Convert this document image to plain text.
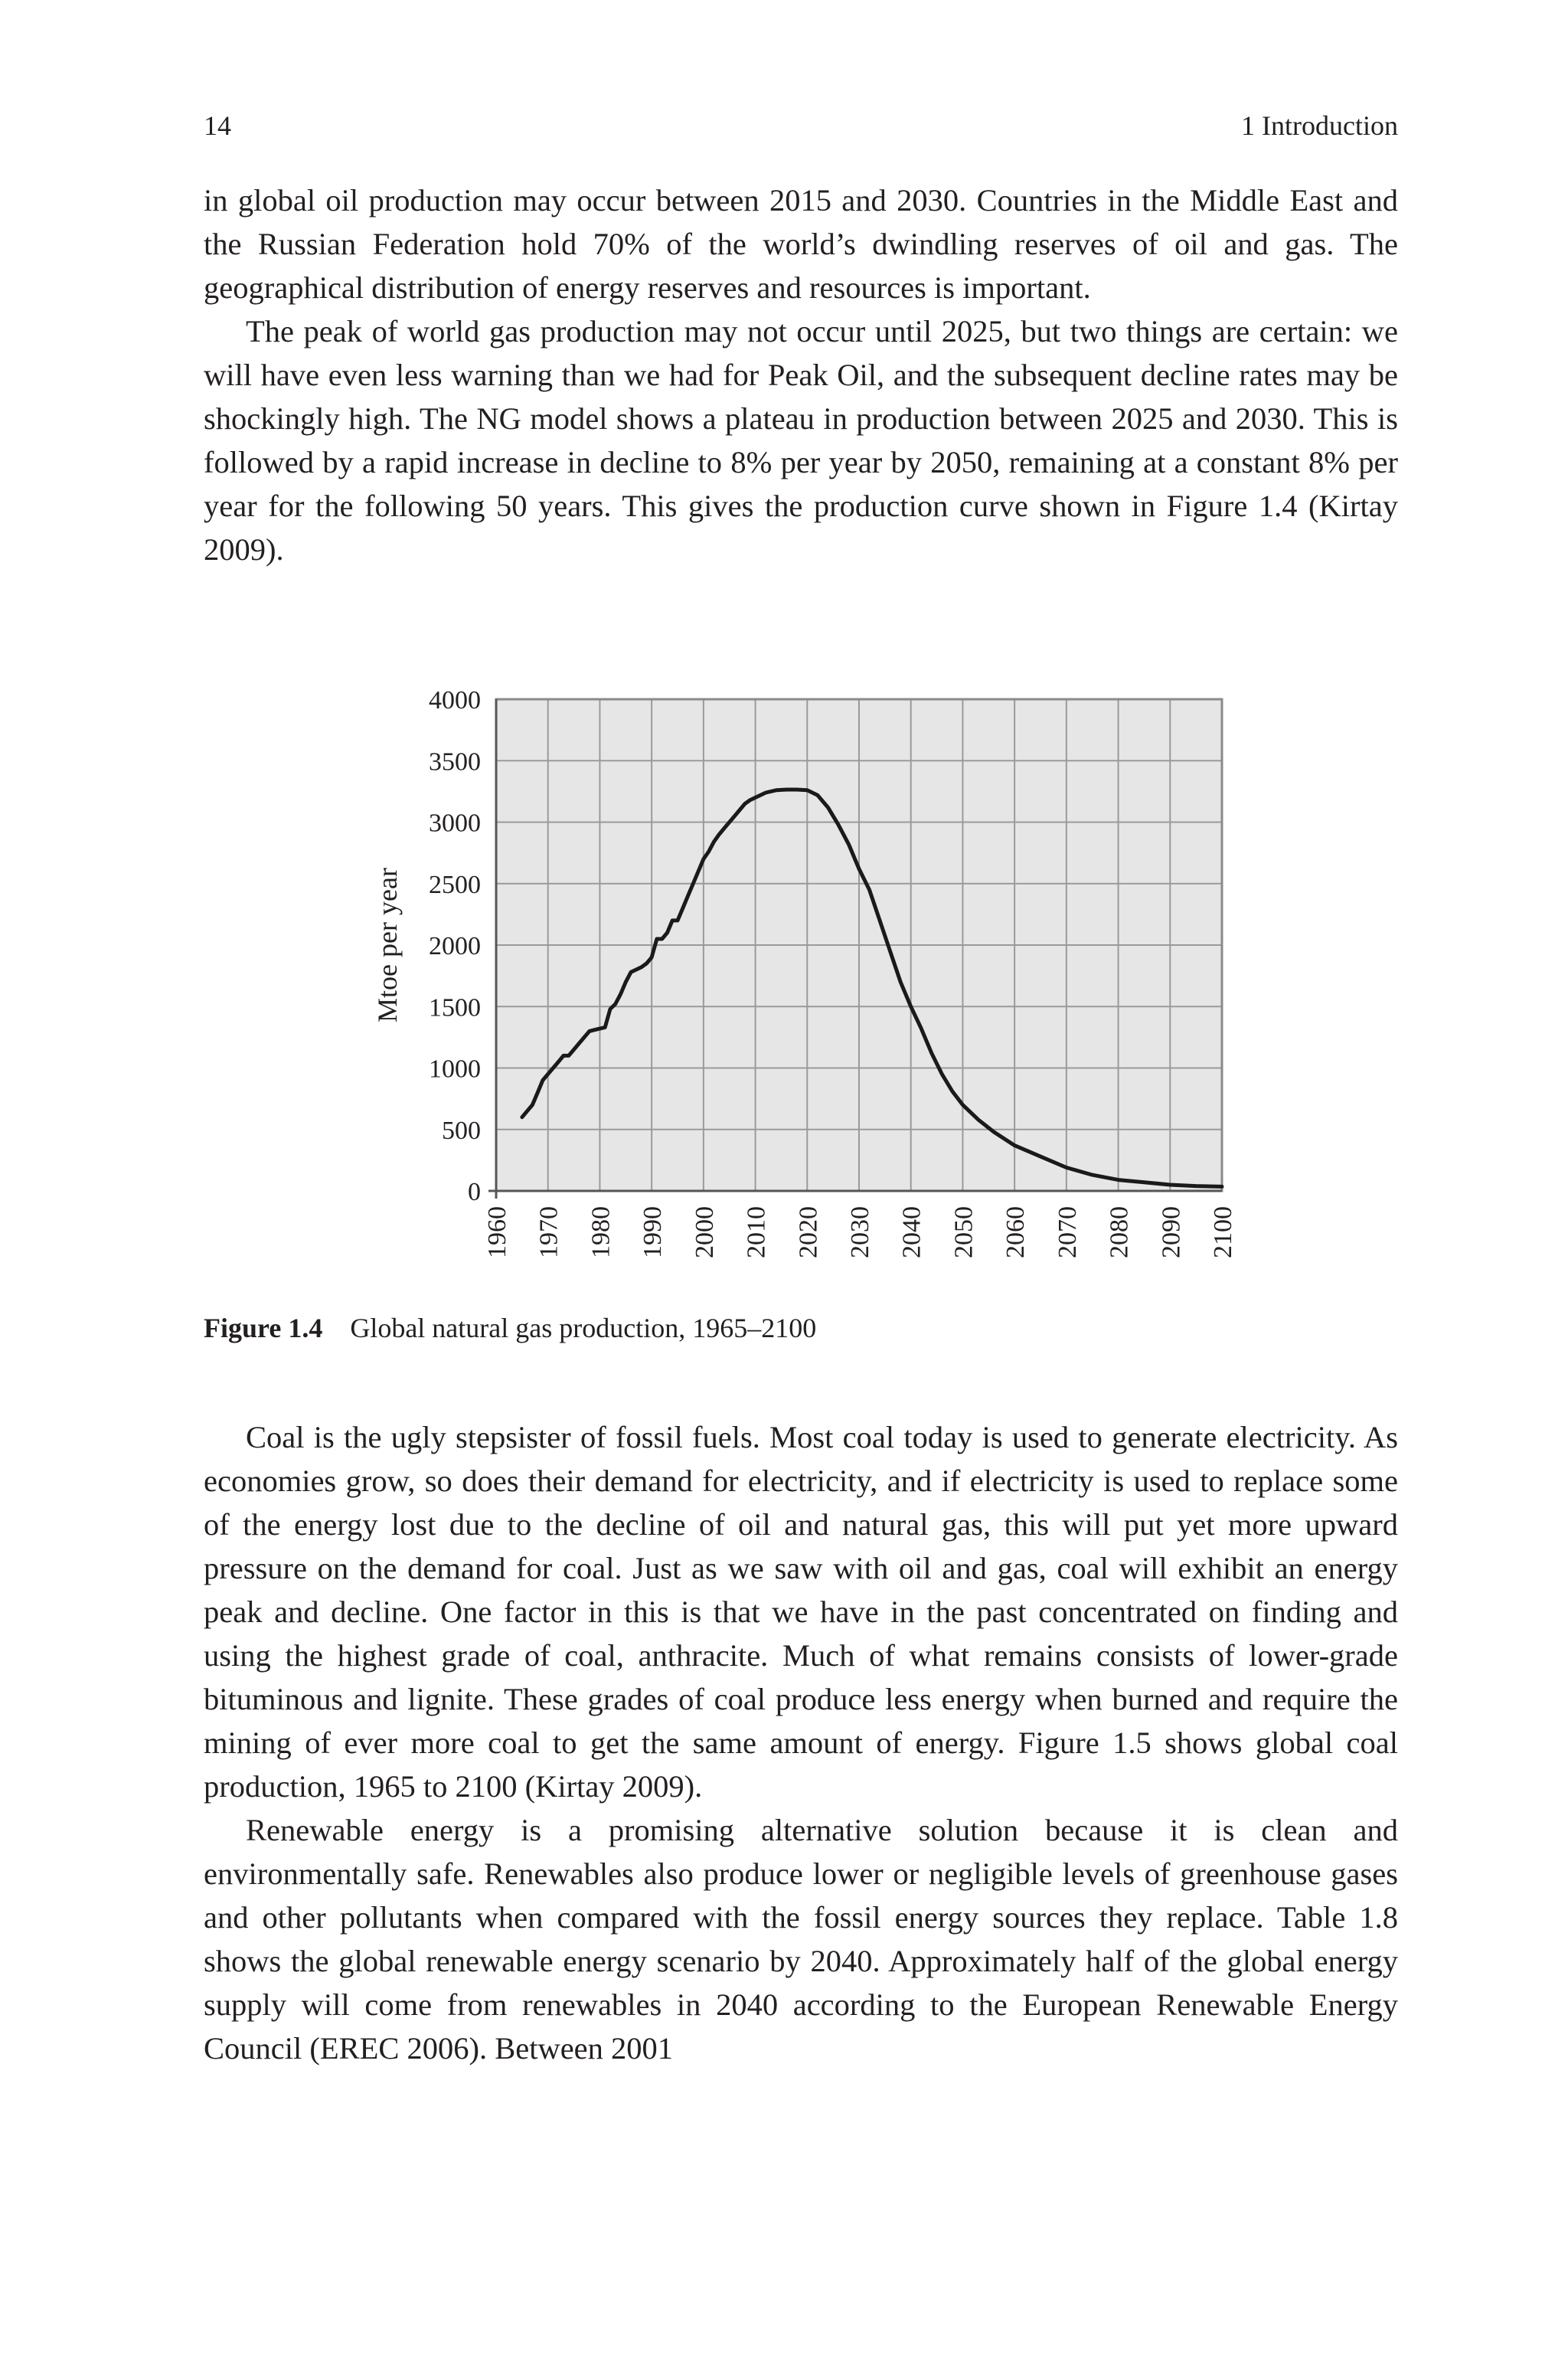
14	1 Introduction

in global oil production may occur between 2015 and 2030. Countries in the Middle East and the Russian Federation hold 70% of the world’s dwindling reserves of oil and gas. The geographical distribution of energy reserves and resources is important.

The peak of world gas production may not occur until 2025, but two things are certain: we will have even less warning than we had for Peak Oil, and the subsequent decline rates may be shockingly high. The NG model shows a plateau in production between 2025 and 2030. This is followed by a rapid increase in decline to 8% per year by 2050, remaining at a constant 8% per year for the following 50 years. This gives the production curve shown in Figure 1.4 (Kirtay 2009).

0
500
1000
1500
2000
2500
3000
3500
4000
1960 1970 1980 1990 2000 2010 2020 2030 2040 2050 2060 2070 2080 2090 2100
Mtoe per year
Figure 1.4 Global natural gas production, 1965–2100

Coal is the ugly stepsister of fossil fuels. Most coal today is used to generate electricity. As economies grow, so does their demand for electricity, and if electricity is used to replace some of the energy lost due to the decline of oil and natural gas, this will put yet more upward pressure on the demand for coal. Just as we saw with oil and gas, coal will exhibit an energy peak and decline. One factor in this is that we have in the past concentrated on finding and using the highest grade of coal, anthracite. Much of what remains consists of lower-grade bituminous and lignite. These grades of coal produce less energy when burned and require the mining of ever more coal to get the same amount of energy. Figure 1.5 shows global coal production, 1965 to 2100 (Kirtay 2009).

Renewable energy is a promising alternative solution because it is clean and environmentally safe. Renewables also produce lower or negligible levels of greenhouse gases and other pollutants when compared with the fossil energy sources they replace. Table 1.8 shows the global renewable energy scenario by 2040. Approximately half of the global energy supply will come from renewables in 2040 according to the European Renewable Energy Council (EREC 2006). Between 2001
